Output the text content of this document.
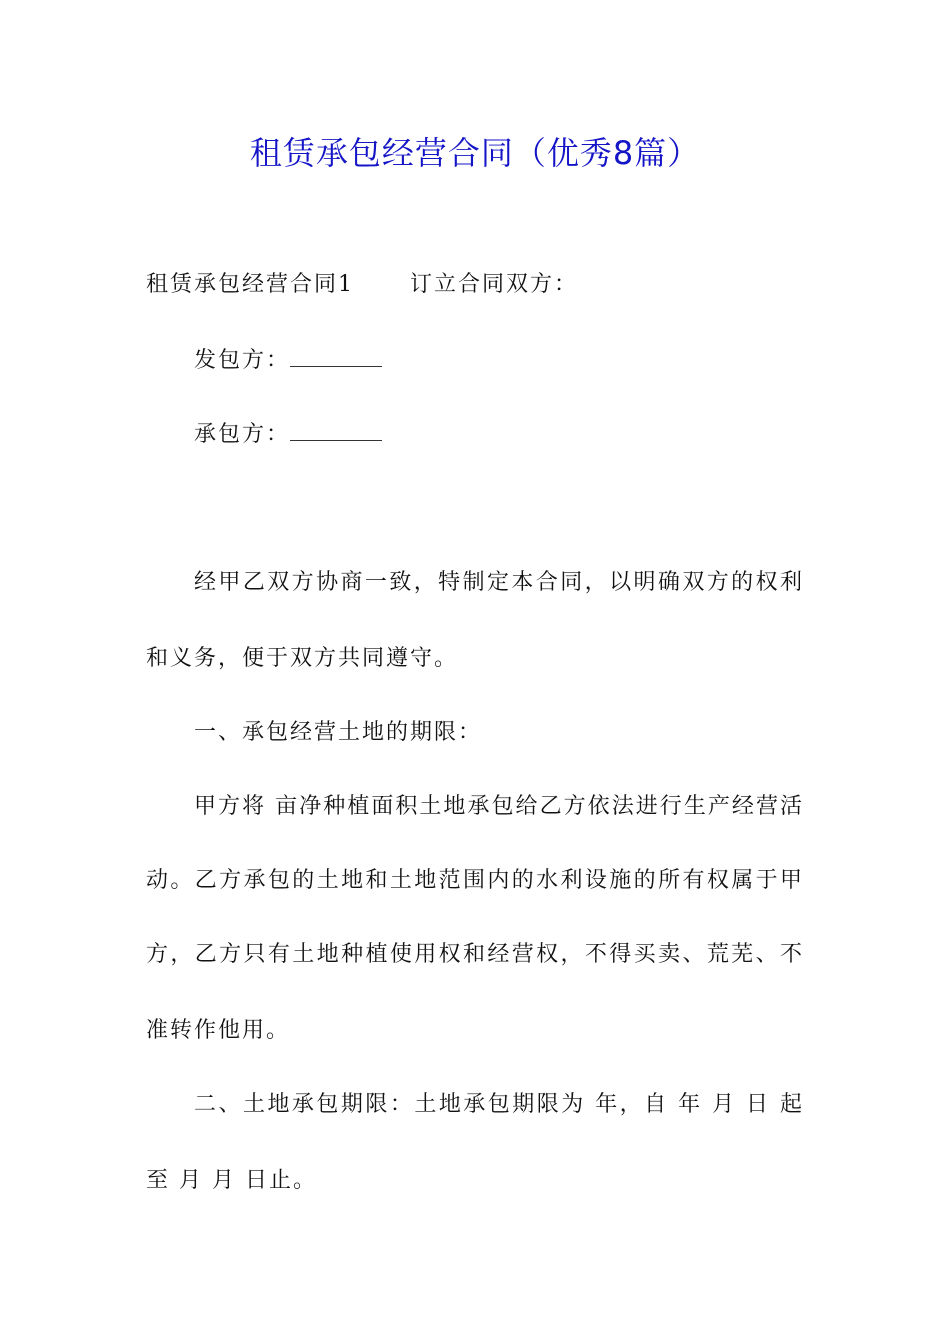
租赁承包经营合同（优秀8篇）

租赁承包经营合同1	订立合同双方：

发包方：

承包方：

经甲乙双方协商一致，特制定本合同，以明确双方的权利

和义务，便于双方共同遵守。

一、承包经营土地的期限：

甲方将 亩净种植面积土地承包给乙方依法进行生产经营活

动。乙方承包的土地和土地范围内的水利设施的所有权属于甲

方，乙方只有土地种植使用权和经营权，不得买卖、荒芜、不

准转作他用。

二、土地承包期限：土地承包期限为 年，自 年 月 日 起

至 月 月 日止。
